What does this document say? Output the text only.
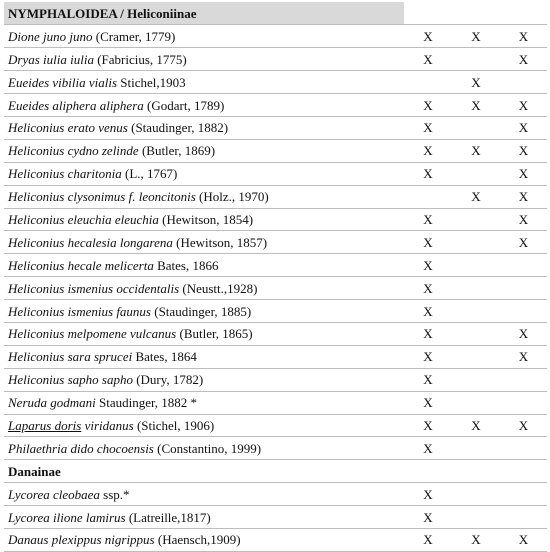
NYMPHALOIDEA / Heliconiinae			
Dione juno juno (Cramer, 1779)	X	X	X
Dryas iulia iulia (Fabricius, 1775)	X		X
Eueides vibilia vialis Stichel,1903		X	
Eueides aliphera aliphera (Godart, 1789)	X	X	X
Heliconius erato venus (Staudinger, 1882)	X		X
Heliconius cydno zelinde (Butler, 1869)	X	X	X
Heliconius charitonia (L., 1767)	X		X
Heliconius clysonimus f. leoncitonis (Holz., 1970)		X	X
Heliconius eleuchia eleuchia (Hewitson, 1854)	X		X
Heliconius hecalesia longarena (Hewitson, 1857)	X		X
Heliconius hecale melicerta Bates, 1866	X		
Heliconius ismenius occidentalis (Neustt.,1928)	X		
Heliconius ismenius faunus (Staudinger, 1885)	X		
Heliconius melpomene vulcanus (Butler, 1865)	X		X
Heliconius sara sprucei Bates, 1864	X		X
Heliconius sapho sapho (Dury, 1782)	X		
Neruda godmani Staudinger, 1882 *	X		
Laparus doris viridanus (Stichel, 1906)	X	X	X
Philaethria dido chocoensis (Constantino, 1999)	X		
Danainae			
Lycorea cleobaea ssp.*	X		
Lycorea ilione lamirus (Latreille,1817)	X		
Danaus plexippus nigrippus (Haensch,1909)	X	X	X
